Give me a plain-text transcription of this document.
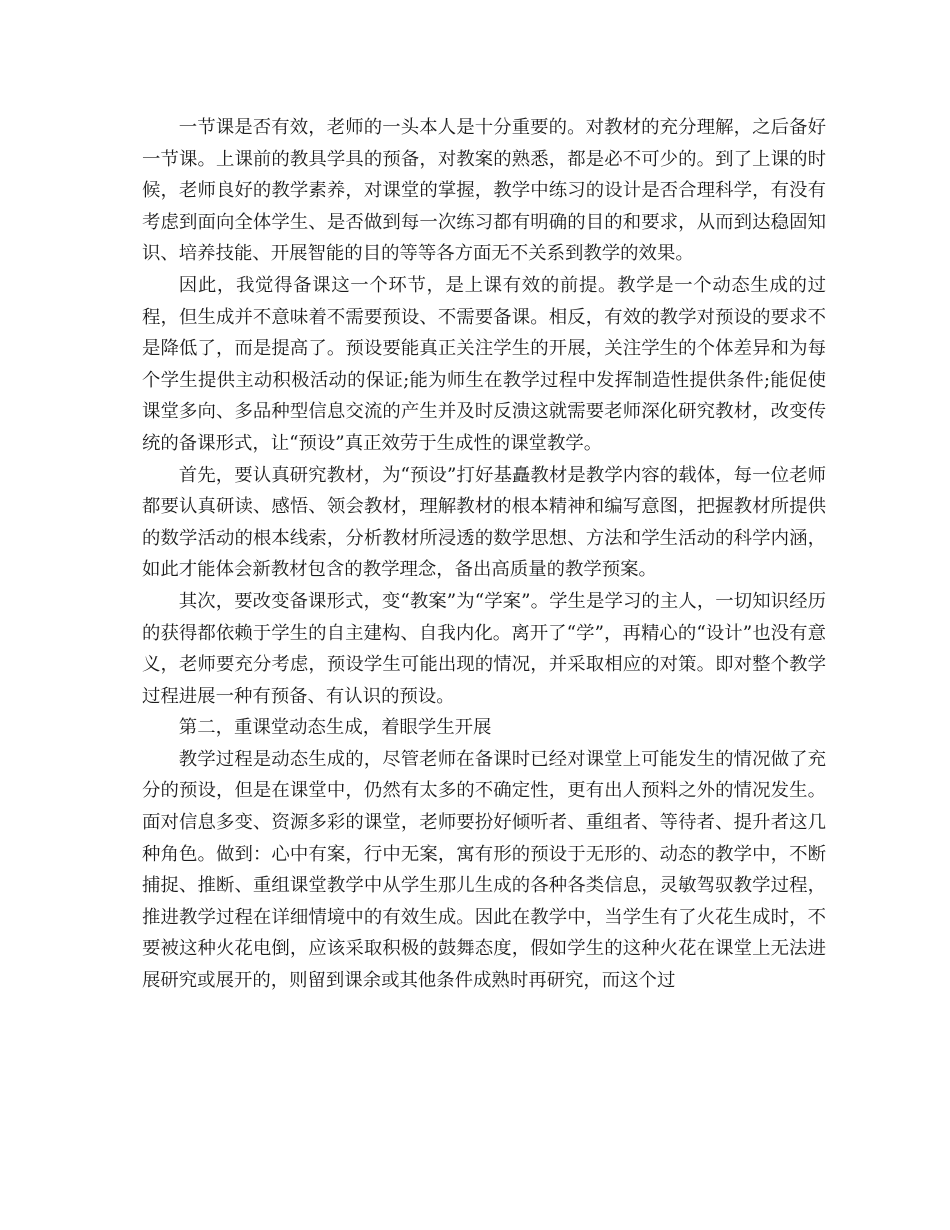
一节课是否有效，老师的一头本人是十分重要的。对教材的充分理解，之后备好一节课。上课前的教具学具的预备，对教案的熟悉，都是必不可少的。到了上课的时候，老师良好的教学素养，对课堂的掌握，教学中练习的设计是否合理科学，有没有考虑到面向全体学生、是否做到每一次练习都有明确的目的和要求，从而到达稳固知识、培养技能、开展智能的目的等等各方面无不关系到教学的效果。

因此，我觉得备课这一个环节，是上课有效的前提。教学是一个动态生成的过程，但生成并不意味着不需要预设、不需要备课。相反，有效的教学对预设的要求不是降低了，而是提高了。预设要能真正关注学生的开展，关注学生的个体差异和为每个学生提供主动积极活动的保证;能为师生在教学过程中发挥制造性提供条件;能促使课堂多向、多品种型信息交流的产生并及时反溃这就需要老师深化研究教材，改变传统的备课形式，让“预设”真正效劳于生成性的课堂教学。

首先，要认真研究教材，为“预设”打好基矗教材是教学内容的载体，每一位老师都要认真研读、感悟、领会教材，理解教材的根本精神和编写意图，把握教材所提供的数学活动的根本线索，分析教材所浸透的数学思想、方法和学生活动的科学内涵，如此才能体会新教材包含的教学理念，备出高质量的教学预案。

其次，要改变备课形式，变“教案”为“学案”。学生是学习的主人，一切知识经历的获得都依赖于学生的自主建构、自我内化。离开了“学”，再精心的“设计”也没有意义，老师要充分考虑，预设学生可能出现的情况，并采取相应的对策。即对整个教学过程进展一种有预备、有认识的预设。

第二，重课堂动态生成，着眼学生开展

教学过程是动态生成的，尽管老师在备课时已经对课堂上可能发生的情况做了充分的预设，但是在课堂中，仍然有太多的不确定性，更有出人预料之外的情况发生。面对信息多变、资源多彩的课堂，老师要扮好倾听者、重组者、等待者、提升者这几种角色。做到：心中有案，行中无案，寓有形的预设于无形的、动态的教学中，不断捕捉、推断、重组课堂教学中从学生那儿生成的各种各类信息，灵敏驾驭教学过程，推进教学过程在详细情境中的有效生成。因此在教学中，当学生有了火花生成时，不要被这种火花电倒，应该采取积极的鼓舞态度，假如学生的这种火花在课堂上无法进展研究或展开的，则留到课余或其他条件成熟时再研究，而这个过
